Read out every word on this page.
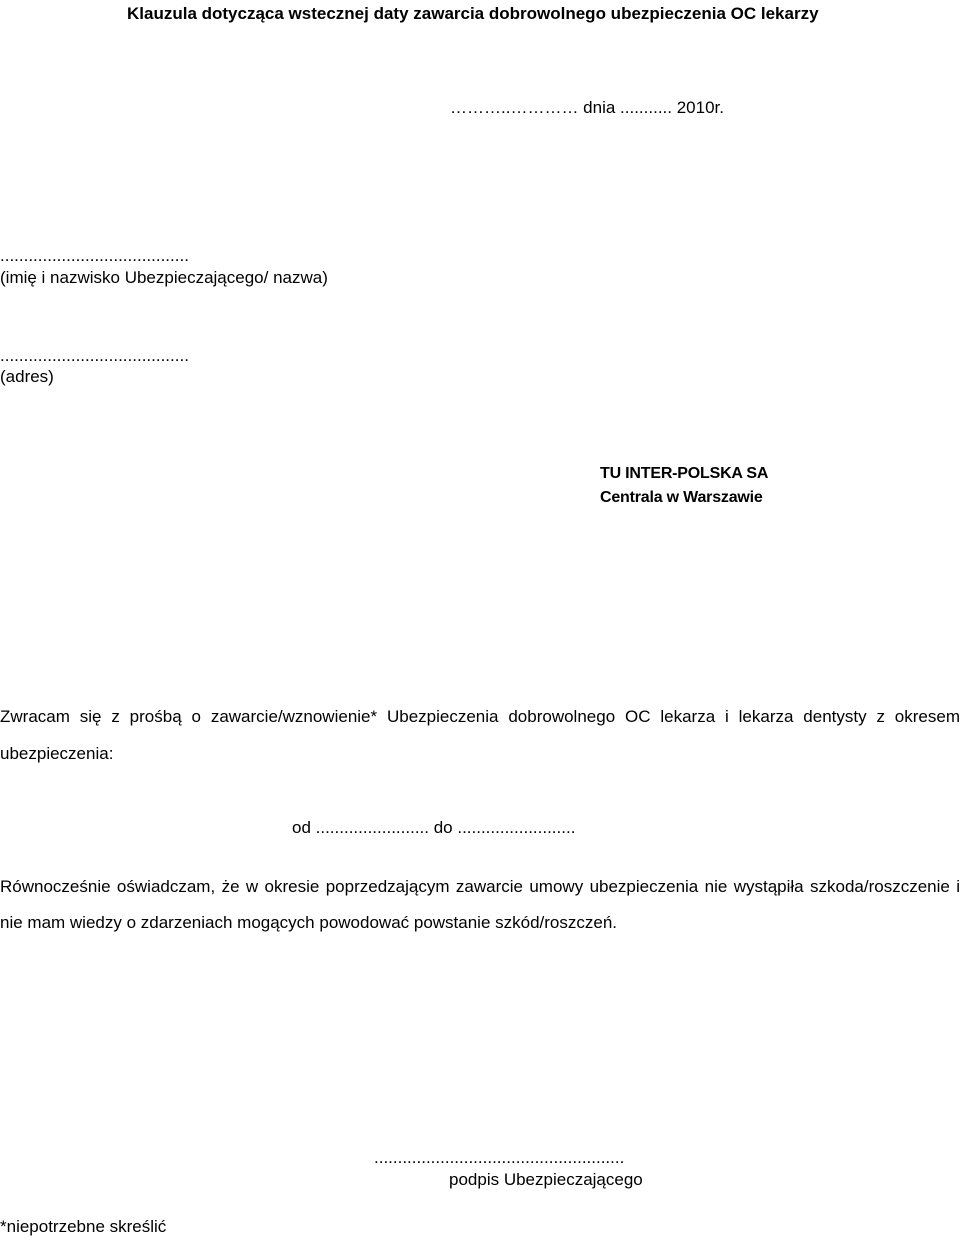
Klauzula dotycząca wstecznej daty zawarcia dobrowolnego ubezpieczenia OC lekarzy
………..………… dnia ........... 2010r.
........................................
(imię i nazwisko Ubezpieczającego/ nazwa)
........................................
(adres)
TU INTER-POLSKA SA
Centrala w Warszawie
Zwracam się z prośbą o zawarcie/wznowienie* Ubezpieczenia dobrowolnego OC lekarza i lekarza dentysty z okresem
ubezpieczenia:
od ........................ do .........................
Równocześnie oświadczam, że w okresie poprzedzającym zawarcie umowy ubezpieczenia nie wystąpiła szkoda/roszczenie i
nie mam wiedzy o zdarzeniach mogących powodować powstanie szkód/roszczeń.
.....................................................
podpis Ubezpieczającego
*niepotrzebne skreślić
